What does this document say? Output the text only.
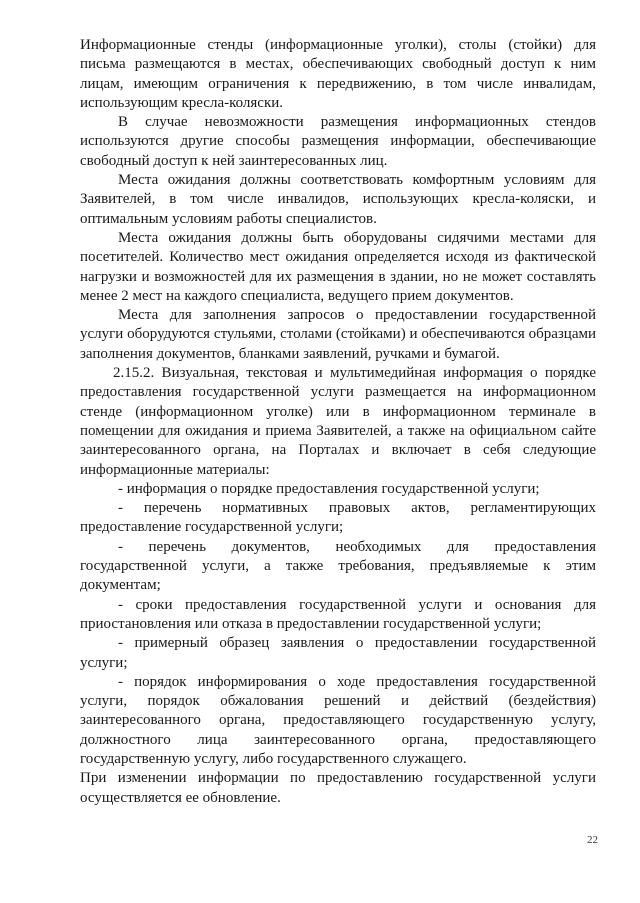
Информационные стенды (информационные уголки), столы (стойки) для письма размещаются в местах, обеспечивающих свободный доступ к ним лицам, имеющим ограничения к передвижению, в том числе инвалидам, использующим кресла-коляски.

В случае невозможности размещения информационных стендов используются другие способы размещения информации, обеспечивающие свободный доступ к ней заинтересованных лиц.

Места ожидания должны соответствовать комфортным условиям для Заявителей, в том числе инвалидов, использующих кресла-коляски, и оптимальным условиям работы специалистов.

Места ожидания должны быть оборудованы сидячими местами для посетителей. Количество мест ожидания определяется исходя из фактической нагрузки и возможностей для их размещения в здании, но не может составлять менее 2 мест на каждого специалиста, ведущего прием документов.

Места для заполнения запросов о предоставлении государственной услуги оборудуются стульями, столами (стойками) и обеспечиваются образцами заполнения документов, бланками заявлений, ручками и бумагой.

2.15.2. Визуальная, текстовая и мультимедийная информация о порядке предоставления государственной услуги размещается на информационном стенде (информационном уголке) или в информационном терминале в помещении для ожидания и приема Заявителей, а также на официальном сайте заинтересованного органа, на Порталах и включает в себя следующие информационные материалы:

- информация о порядке предоставления государственной услуги;

- перечень нормативных правовых актов, регламентирующих предоставление государственной услуги;

- перечень документов, необходимых для предоставления государственной услуги, а также требования, предъявляемые к этим документам;

- сроки предоставления государственной услуги и основания для приостановления или отказа в предоставлении государственной услуги;

- примерный образец заявления о предоставлении государственной услуги;

- порядок информирования о ходе предоставления государственной услуги, порядок обжалования решений и действий (бездействия) заинтересованного органа, предоставляющего государственную услугу, должностного лица заинтересованного органа, предоставляющего государственную услугу, либо государственного служащего.

При изменении информации по предоставлению государственной услуги осуществляется ее обновление.

22
